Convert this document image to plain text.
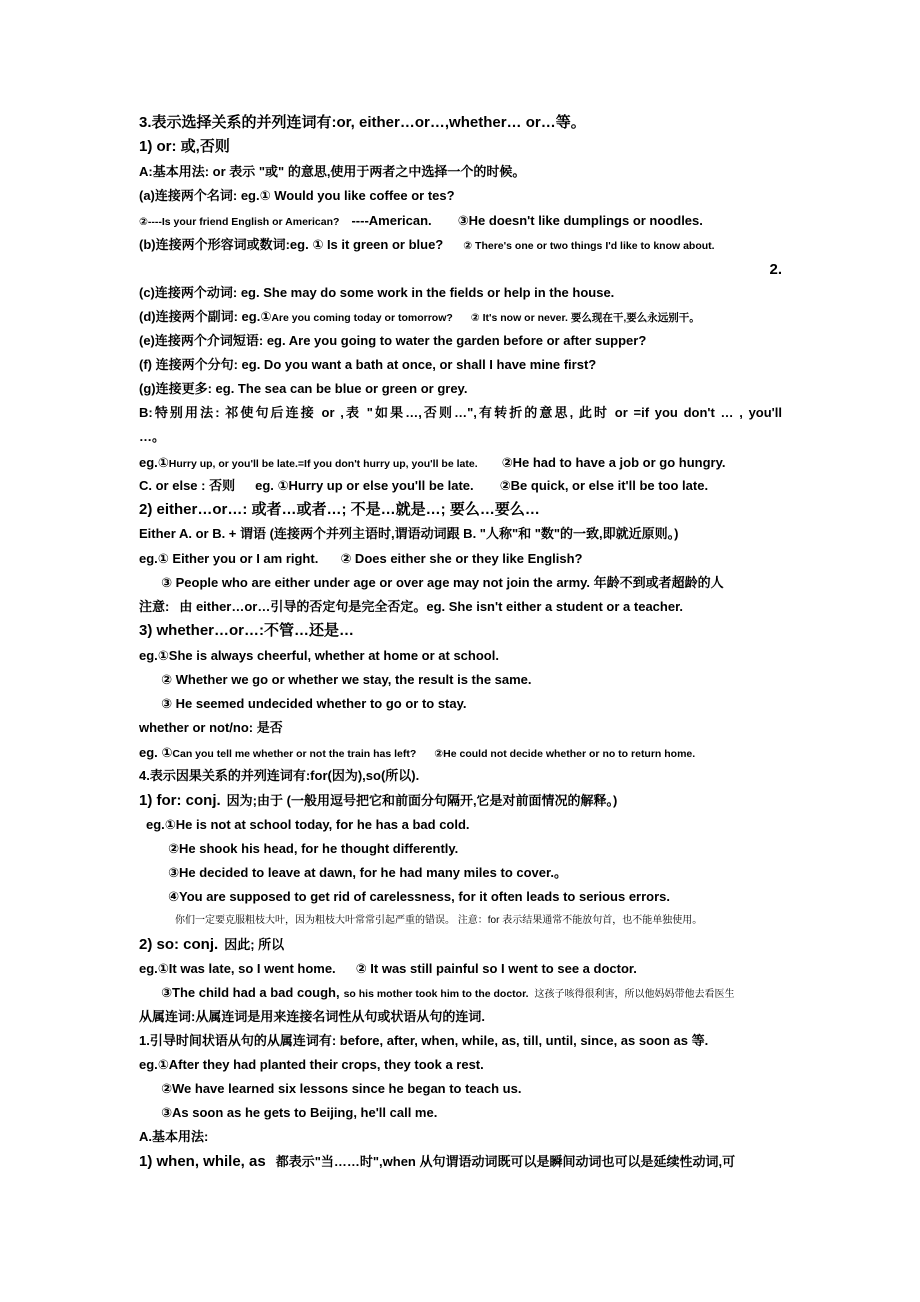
3.表示选择关系的并列连词有:or, either…or…,whether… or…等。
1) or: 或,否则
A:基本用法: or 表示 "或" 的意思,使用于两者之中选择一个的时候。
(a)连接两个名词: eg.① Would you like coffee or tes?
②----Is your friend English or American? ----American. ③He doesn't like dumplings or noodles.
(b)连接两个形容词或数词:eg. ① Is it green or blue? ② There's one or two things I'd like to know about.
2.
(c)连接两个动词: eg. She may do some work in the fields or help in the house.
(d)连接两个副词: eg.①Are you coming today or tomorrow? ② It's now or never. 要么现在干,要么永远别干。
(e)连接两个介词短语: eg. Are you going to water the garden before or after supper?
(f) 连接两个分句: eg. Do you want a bath at once, or shall I have mine first?
(g)连接更多: eg. The sea can be blue or green or grey.
B:特别用法: 祁使句后连接 or ,表 "如果…,否则…",有转折的意思, 此时 or =if you don't … , you'll
…。
eg.①Hurry up, or you'll be late.=If you don't hurry up, you'll be late. ②He had to have a job or go hungry.
C. or else : 否则 eg. ①Hurry up or else you'll be late. ②Be quick, or else it'll be too late.
2) either…or…: 或者…或者…; 不是…就是…; 要么…要么…
Either A. or B. + 谓语 (连接两个并列主语时,谓语动词跟 B. "人称"和 "数"的一致,即就近原则。)
eg.① Either you or I am right. ② Does either she or they like English?
③ People who are either under age or over age may not join the army. 年龄不到或者超龄的人
注意: 由 either…or…引导的否定句是完全否定。eg. She isn't either a student or a teacher.
3) whether…or…:不管…还是…
eg.①She is always cheerful, whether at home or at school.
② Whether we go or whether we stay, the result is the same.
③ He seemed undecided whether to go or to stay.
whether or not/no: 是否
eg. ①Can you tell me whether or not the train has left? ②He could not decide whether or no to return home.
4.表示因果关系的并列连词有:for(因为),so(所以).
1) for: conj. 因为;由于 (一般用逗号把它和前面分句隔开,它是对前面情况的解释。)
eg.①He is not at school today, for he has a bad cold.
②He shook his head, for he thought differently.
③He decided to leave at dawn, for he had many miles to cover.。
④You are supposed to get rid of carelessness, for it often leads to serious errors.
你们一定要克服粗枝大叶，因为粗枝大叶常常引起严重的错误。 注意：for 表示结果通常不能放句首，也不能单独使用。
2) so: conj. 因此; 所以
eg.①It was late, so I went home. ② It was still painful so I went to see a doctor.
③The child had a bad cough, so his mother took him to the doctor. 这孩子咳得很利害，所以他妈妈带他去看医生
从属连词:从属连词是用来连接名词性从句或状语从句的连词.
1.引导时间状语从句的从属连词有: before, after, when, while, as, till, until, since, as soon as 等.
eg.①After they had planted their crops, they took a rest.
②We have learned six lessons since he began to teach us.
③As soon as he gets to Beijing, he'll call me.
A.基本用法:
1) when, while, as 都表示"当……时",when 从句谓语动词既可以是瞬间动词也可以是延续性动词,可
